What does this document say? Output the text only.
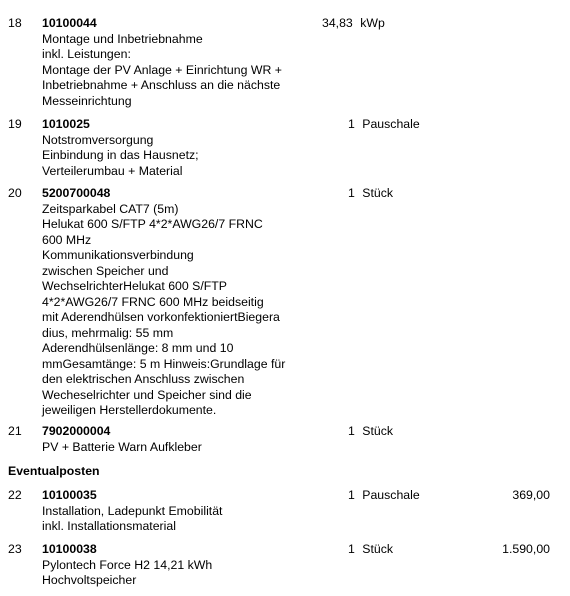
18 10100044
Montage und Inbetriebnahme
inkl. Leistungen:
Montage der PV Anlage + Einrichtung WR +
Inbetriebnahme + Anschluss an die nächste
Messeinrichtung
34,83 kWp
19 1010025
Notstromversorgung
Einbindung in das Hausnetz;
Verteilerumbau + Material
1 Pauschale
20 5200700048
Zeitsparkabel CAT7 (5m)
Helukat 600 S/FTP 4*2*AWG26/7 FRNC
600 MHz
Kommunikationsverbindung
zwischen Speicher und
WechselrichterHelukat 600 S/FTP
4*2*AWG26/7 FRNC 600 MHz beidseitig
mit Aderendhülsen vorkonfektioniertBiegera
dius, mehrmalig: 55 mm
Aderendhülsenlänge: 8 mm und 10
mmGesamtänge: 5 m Hinweis:Grundlage für
den elektrischen Anschluss zwischen
Wecheselrichter und Speicher sind die
jeweiligen Herstellerdokumente.
1 Stück
21 7902000004
PV + Batterie Warn Aufkleber
1 Stück
Eventualposten
22 10100035
Installation, Ladepunkt Emobilität
inkl. Installationsmaterial
1 Pauschale	369,00
23 10100038
Pylontech Force H2 14,21 kWh
Hochvoltspeicher
1 Stück	1.590,00
